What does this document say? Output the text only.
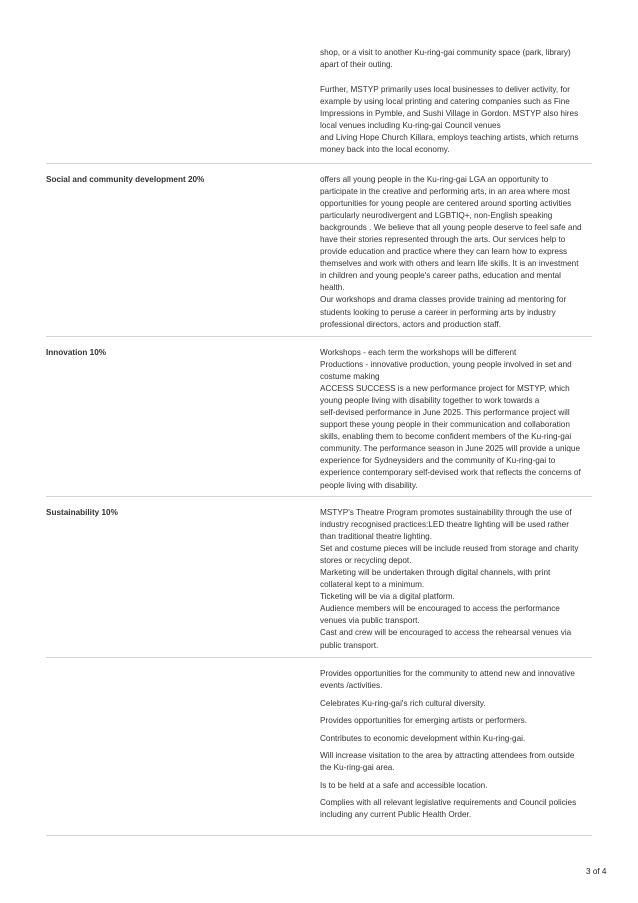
shop, or a visit to another Ku-ring-gai community space (park, library)
apart of their outing.

Further, MSTYP primarily uses local businesses to deliver activity, for
example by using local printing and catering companies such as Fine
Impressions in Pymble, and Sushi Village in Gordon. MSTYP also hires
local venues including Ku-ring-gai Council venues
and Living Hope Church Killara, employs teaching artists, which returns
money back into the local economy.

Social and community development 20%	offers all young people in the Ku-ring-gai LGA an opportunity to
participate in the creative and performing arts, in an area where most
opportunities for young people are centered around sporting activities
particularly neurodivergent and LGBTIQ+, non-English speaking
backgrounds . We believe that all young people deserve to feel safe and
have their stories represented through the arts. Our services help to
provide education and practice where they can learn how to express
themselves and work with others and learn life skills. It is an investment
in children and young people's career paths, education and mental
health.
Our workshops and drama classes provide training ad mentoring for
students looking to peruse a career in performing arts by industry
professional directors, actors and production staff.
Innovation 10%	Workshops - each term the workshops will be different
Productions - innovative production, young people involved in set and
costume making
ACCESS SUCCESS is a new performance project for MSTYP, which
young people living with disability together to work towards a
self-devised performance in June 2025. This performance project will
support these young people in their communication and collaboration
skills, enabling them to become confident members of the Ku-ring-gai
community. The performance season in June 2025 will provide a unique
experience for Sydneysiders and the community of Ku-ring-gai to
experience contemporary self-devised work that reflects the concerns of
people living with disability.
Sustainability 10%	MSTYP's Theatre Program promotes sustainability through the use of
industry recognised practices:LED theatre lighting will be used rather
than traditional theatre lighting.
Set and costume pieces will be include reused from storage and charity
stores or recycling depot.
Marketing will be undertaken through digital channels, with print
collateral kept to a minimum.
Ticketing will be via a digital platform.
Audience members will be encouraged to access the performance
venues via public transport.
Cast and crew will be encouraged to access the rehearsal venues via
public transport.

Provides opportunities for the community to attend new and innovative
events /activities.

Celebrates Ku-ring-gai's rich cultural diversity.

Provides opportunities for emerging artists or performers.

Contributes to economic development within Ku-ring-gai.

Will increase visitation to the area by attracting attendees from outside
the Ku-ring-gai area.

Is to be held at a safe and accessible location.

Complies with all relevant legislative requirements and Council policies
including any current Public Health Order.

3 of 4
